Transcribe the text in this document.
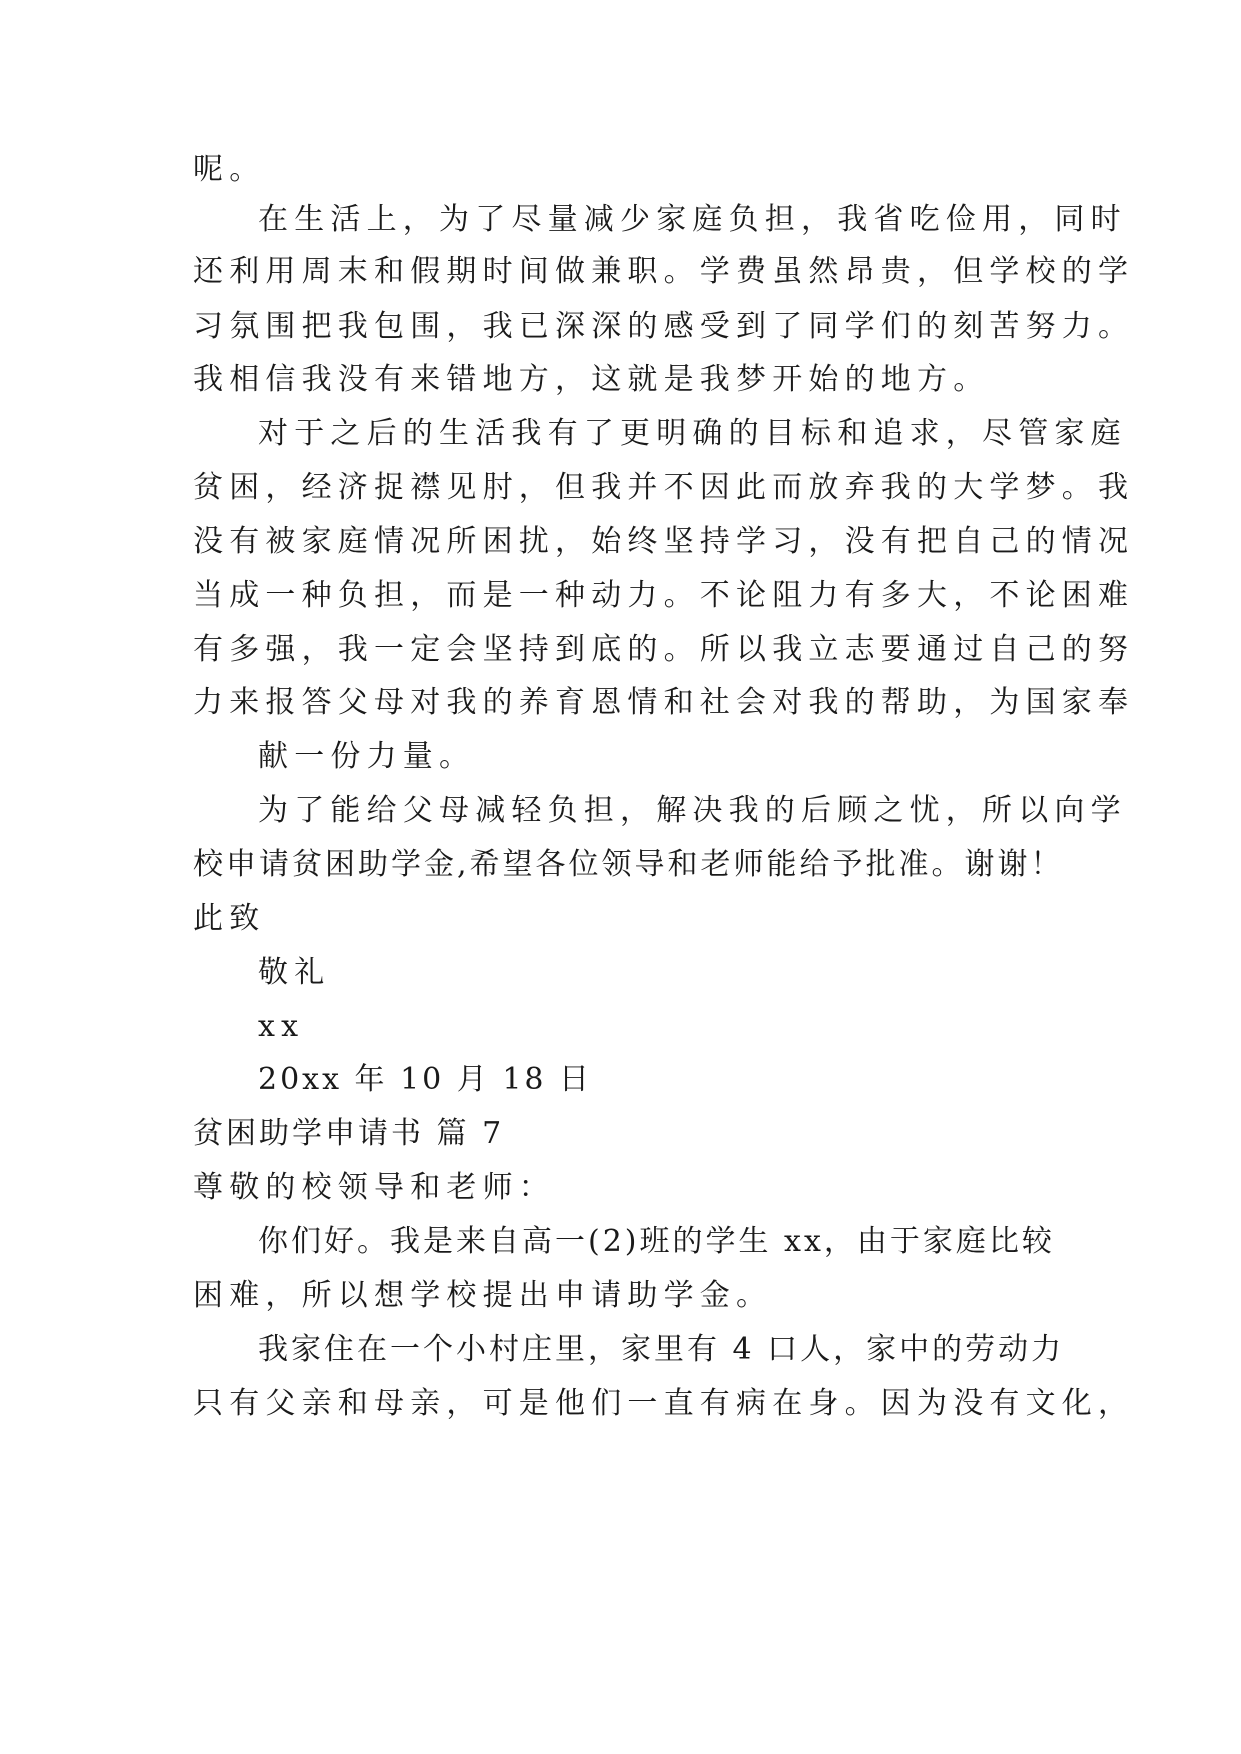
呢。
在生活上，为了尽量减少家庭负担，我省吃俭用，同时
还利用周末和假期时间做兼职。学费虽然昂贵，但学校的学
习氛围把我包围，我已深深的感受到了同学们的刻苦努力。
我相信我没有来错地方，这就是我梦开始的地方。
对于之后的生活我有了更明确的目标和追求，尽管家庭
贫困，经济捉襟见肘，但我并不因此而放弃我的大学梦。我
没有被家庭情况所困扰，始终坚持学习，没有把自己的情况
当成一种负担，而是一种动力。不论阻力有多大，不论困难
有多强，我一定会坚持到底的。所以我立志要通过自己的努
力来报答父母对我的养育恩情和社会对我的帮助，为国家奉
献一份力量。
为了能给父母减轻负担，解决我的后顾之忧，所以向学
校申请贫困助学金,希望各位领导和老师能给予批准。谢谢！
此致
敬礼
xx
20xx 年 10 月 18 日
贫困助学申请书 篇 7
尊敬的校领导和老师：
你们好。我是来自高一(2)班的学生 xx，由于家庭比较
困难，所以想学校提出申请助学金。
我家住在一个小村庄里，家里有 4 口人，家中的劳动力
只有父亲和母亲，可是他们一直有病在身。因为没有文化，
